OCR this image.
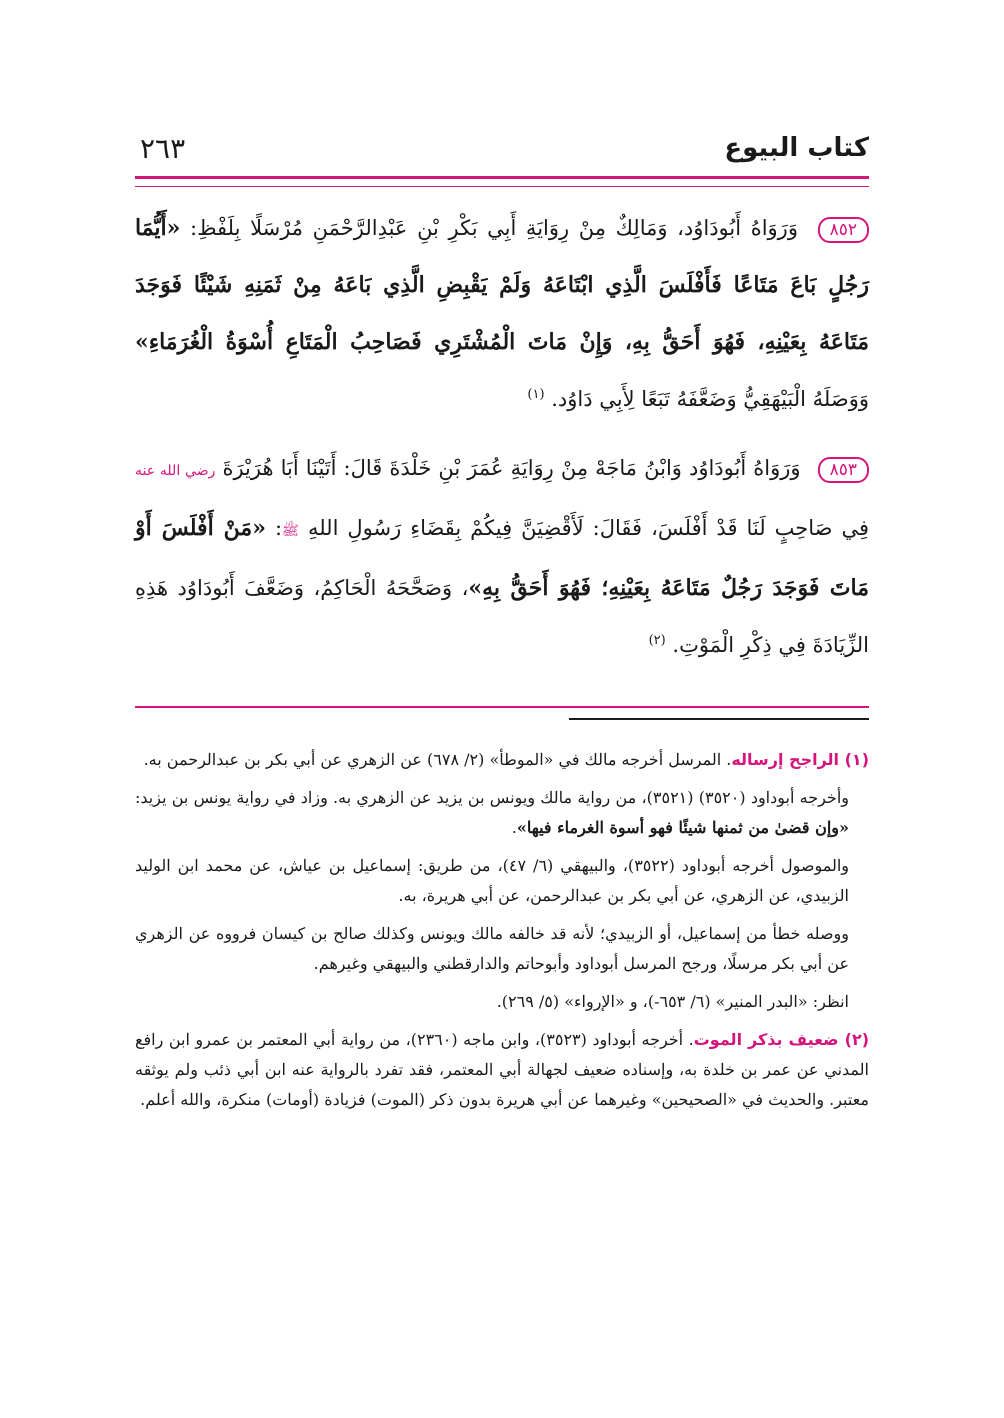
كتاب البيوع
٢٦٣

٨٥٢ وَرَوَاهُ أَبُودَاوُد، وَمَالِكٌ مِنْ رِوَايَةِ أَبِي بَكْرِ بْنِ عَبْدِالرَّحْمَنِ مُرْسَلًا بِلَفْظِ: «أَيُّمَا رَجُلٍ بَاعَ مَتَاعًا فَأَفْلَسَ الَّذِي ابْتَاعَهُ وَلَمْ يَقْبِضِ الَّذِي بَاعَهُ مِنْ ثَمَنِهِ شَيْئًا فَوَجَدَ مَتَاعَهُ بِعَيْنِهِ، فَهُوَ أَحَقُّ بِهِ، وَإِنْ مَاتَ الْمُشْتَرِي فَصَاحِبُ الْمَتَاعِ أُسْوَةُ الْغُرَمَاءِ» وَوَصَلَهُ الْبَيْهَقِيُّ وَضَعَّفَهُ تَبَعًا لِأَبِي دَاوُد. $^{(١)}$

٨٥٣ وَرَوَاهُ أَبُودَاوُد وَابْنُ مَاجَهْ مِنْ رِوَايَةِ عُمَرَ بْنِ خَلْدَةَ قَالَ: أَتَيْنَا أَبَا هُرَيْرَةَ رضي الله عنه فِي صَاحِبٍ لَنَا قَدْ أَفْلَسَ، فَقَالَ: لَأَقْضِيَنَّ فِيكُمْ بِقَضَاءِ رَسُولِ اللهِ ﷺ: «مَنْ أَفْلَسَ أَوْ مَاتَ فَوَجَدَ رَجُلٌ مَتَاعَهُ بِعَيْنِهِ؛ فَهُوَ أَحَقُّ بِهِ»، وَصَحَّحَهُ الْحَاكِمُ، وَضَعَّفَ أَبُودَاوُد هَذِهِ الزِّيَادَةَ فِي ذِكْرِ الْمَوْتِ. $^{(٢)}$

(١) الراجح إرساله. المرسل أخرجه مالك في «الموطأ» (٢/ ٦٧٨) عن الزهري عن أبي بكر بن عبدالرحمن به.

وأخرجه أبوداود (٣٥٢٠) (٣٥٢١)، من رواية مالك ويونس بن يزيد عن الزهري به. وزاد في رواية يونس بن يزيد: «وإن قضىٰ من ثمنها شيئًا فهو أسوة الغرماء فيها».

والموصول أخرجه أبوداود (٣٥٢٢)، والبيهقي (٦/ ٤٧)، من طريق: إسماعيل بن عياش، عن محمد ابن الوليد الزبيدي، عن الزهري، عن أبي بكر بن عبدالرحمن، عن أبي هريرة، به.

ووصله خطأ من إسماعيل، أو الزبيدي؛ لأنه قد خالفه مالك ويونس وكذلك صالح بن كيسان فرووه عن الزهري عن أبي بكر مرسلًا، ورجح المرسل أبوداود وأبوحاتم والدارقطني والبيهقي وغيرهم.

انظر: «البدر المنير» (٦/ ٦٥٣-)، و «الإرواء» (٥/ ٢٦٩).

(٢) ضعيف بذكر الموت. أخرجه أبوداود (٣٥٢٣)، وابن ماجه (٢٣٦٠)، من رواية أبي المعتمر بن عمرو ابن رافع المدني عن عمر بن خلدة به، وإسناده ضعيف لجهالة أبي المعتمر، فقد تفرد بالرواية عنه ابن أبي ذئب ولم يوثقه معتبر. والحديث في «الصحيحين» وغيرهما عن أبي هريرة بدون ذكر (الموت) فزيادة (أومات) منكرة، والله أعلم.
